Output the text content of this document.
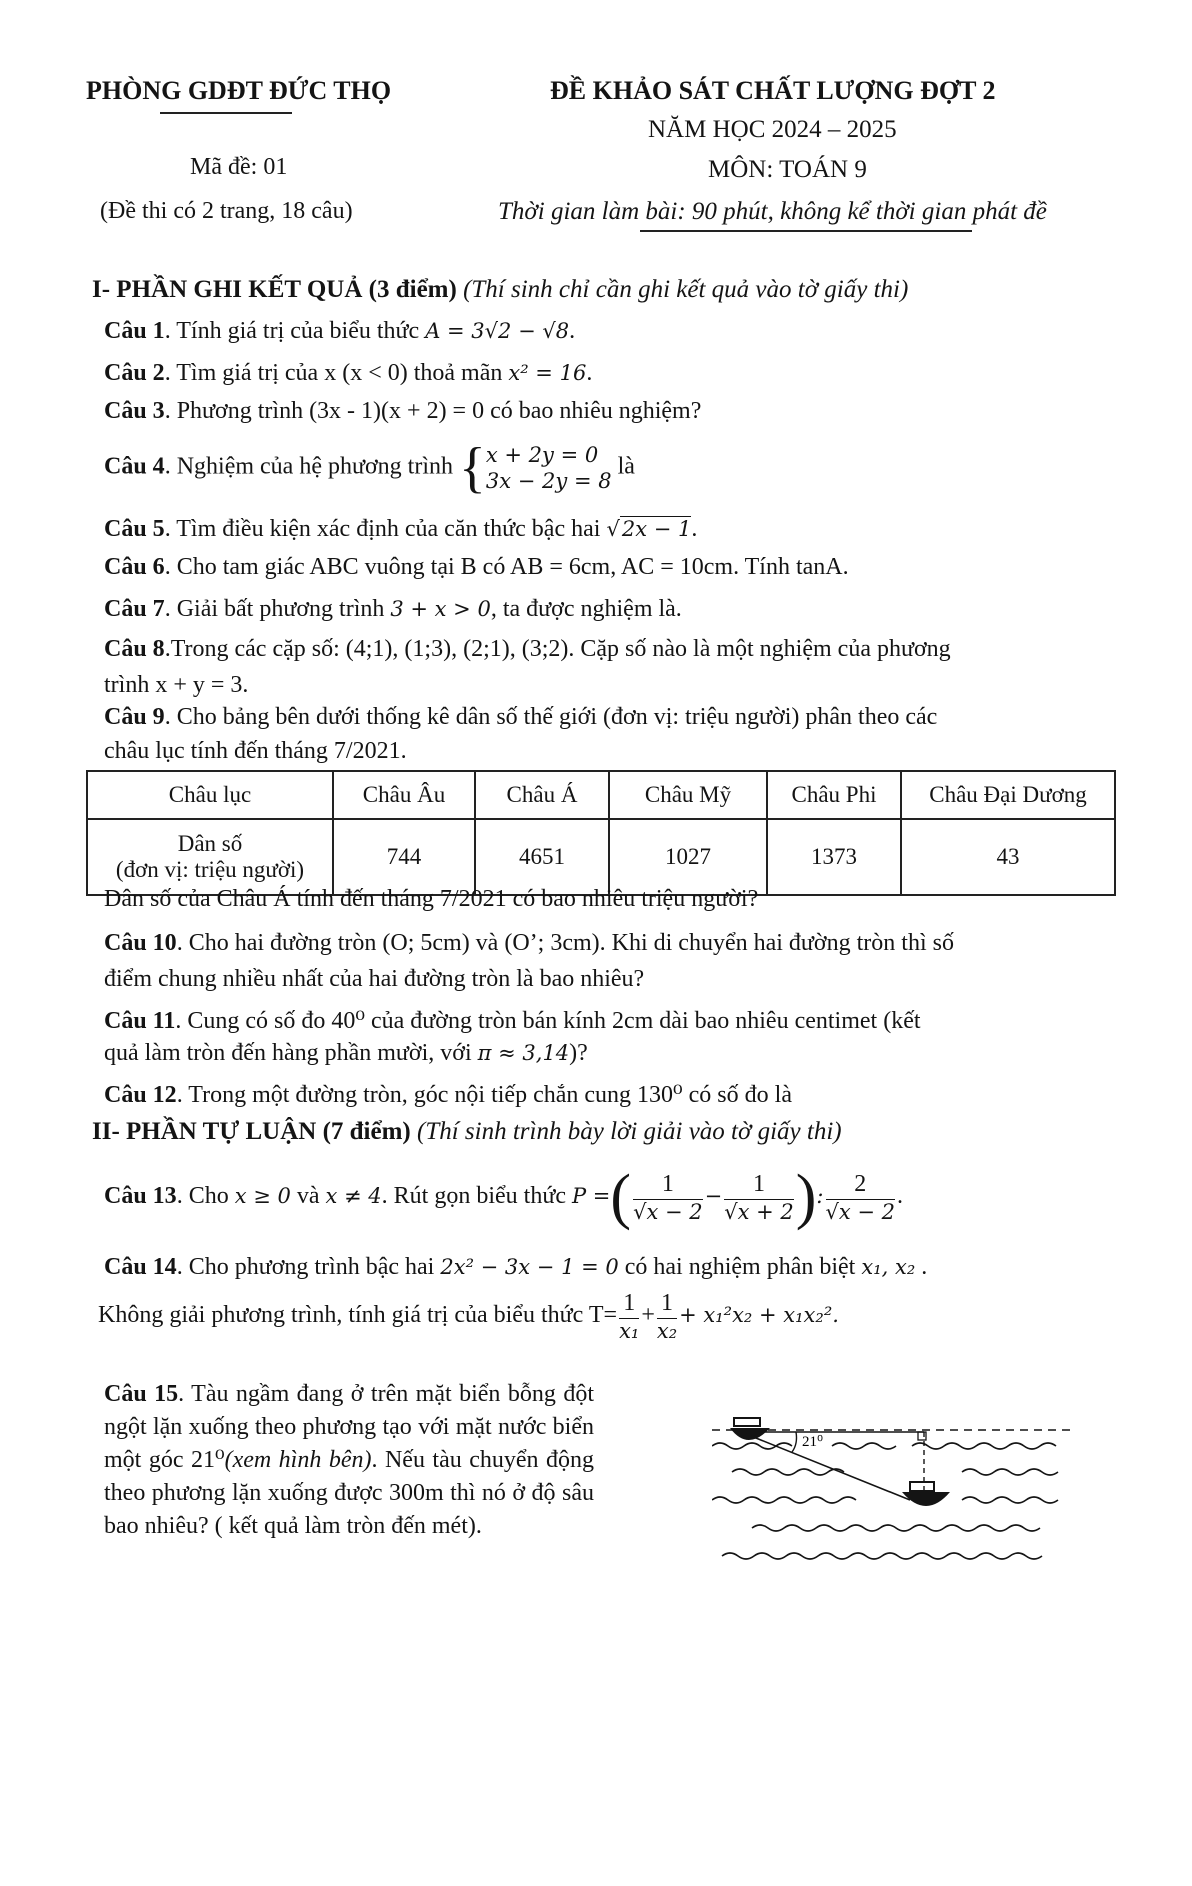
PHÒNG GDĐT ĐỨC THỌ
Mã đề: 01
(Đề thi có 2 trang, 18 câu)
ĐỀ KHẢO SÁT CHẤT LƯỢNG ĐỢT 2
NĂM HỌC 2024 – 2025
MÔN: TOÁN 9
Thời gian làm bài: 90 phút, không kể thời gian phát đề
I- PHẦN GHI KẾT QUẢ (3 điểm) (Thí sinh chỉ cần ghi kết quả vào tờ giấy thi)
Câu 1. Tính giá trị của biểu thức A = 3√2 − √8.
Câu 2. Tìm giá trị của x (x < 0) thoả mãn x² = 16.
Câu 3. Phương trình (3x - 1)(x + 2) = 0 có bao nhiêu nghiệm?
Câu 4. Nghiệm của hệ phương trình { x + 2y = 0
3x − 2y = 8
là
Câu 5. Tìm điều kiện xác định của căn thức bậc hai √2x − 1.
Câu 6. Cho tam giác ABC vuông tại B có AB = 6cm, AC = 10cm. Tính tanA.
Câu 7. Giải bất phương trình 3 + x > 0, ta được nghiệm là.
Câu 8.Trong các cặp số: (4;1), (1;3), (2;1), (3;2). Cặp số nào là một nghiệm của phương
trình x + y = 3.
Câu 9. Cho bảng bên dưới thống kê dân số thế giới (đơn vị: triệu người) phân theo các
châu lục tính đến tháng 7/2021.
Châu lục	Châu Âu	Châu Á	Châu Mỹ	Châu Phi	Châu Đại Dương

Dân số
(đơn vị: triệu người)	744	4651	1027	1373	43
Dân số của Châu Á tính đến tháng 7/2021 có bao nhiêu triệu người?
Câu 10. Cho hai đường tròn (O; 5cm) và (O’; 3cm). Khi di chuyển hai đường tròn thì số
điểm chung nhiều nhất của hai đường tròn là bao nhiêu?
Câu 11. Cung có số đo 40⁰ của đường tròn bán kính 2cm dài bao nhiêu centimet (kết
quả làm tròn đến hàng phần mười, với π ≈ 3,14)?
Câu 12. Trong một đường tròn, góc nội tiếp chắn cung 130⁰ có số đo là
II- PHẦN TỰ LUẬN (7 điểm) (Thí sinh trình bày lời giải vào tờ giấy thi)
Câu 13. Cho x ≥ 0 và x ≠ 4. Rút gọn biểu thức P =( $\frac{1}{√x - 2} - \frac{1}{√x + 2}$ ): $\frac{2}{√x - 2}$ .
Câu 14. Cho phương trình bậc hai 2x² − 3x − 1 = 0 có hai nghiệm phân biệt x₁, x₂ .
Không giải phương trình, tính giá trị của biểu thức $T= \frac{1}{\text{x₁}} + \frac{1}{\text{x₂}} + x_1^2x_2 + x_1x_2^2$.
Câu 15. Tàu ngầm đang ở trên mặt biển bỗng đột ngột lặn xuống theo phương tạo với mặt nước biển một góc 21⁰(xem hình bên). Nếu tàu chuyển động theo phương lặn xuống được 300m thì nó ở độ sâu bao nhiêu? ( kết quả làm tròn đến mét).
21⁰
